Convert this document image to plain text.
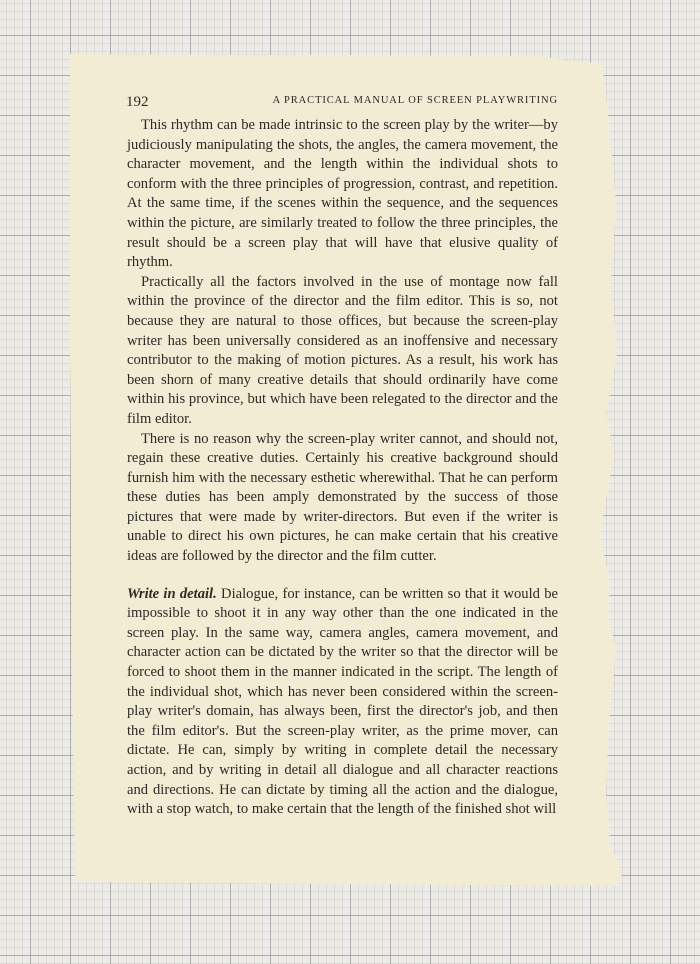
192	A PRACTICAL MANUAL OF SCREEN PLAYWRITING

This rhythm can be made intrinsic to the screen play by the writer—by judiciously manipulating the shots, the angles, the camera movement, the character movement, and the length within the individual shots to conform with the three principles of progression, contrast, and repetition. At the same time, if the scenes within the sequence, and the sequences within the picture, are similarly treated to follow the three principles, the result should be a screen play that will have that elusive quality of rhythm.

Practically all the factors involved in the use of montage now fall within the province of the director and the film editor. This is so, not because they are natural to those offices, but because the screen-play writer has been universally considered as an inoffensive and necessary contributor to the making of motion pictures. As a result, his work has been shorn of many creative details that should ordinarily have come within his province, but which have been relegated to the director and the film editor.

There is no reason why the screen-play writer cannot, and should not, regain these creative duties. Certainly his creative background should furnish him with the necessary esthetic wherewithal. That he can perform these duties has been amply demonstrated by the success of those pictures that were made by writer-directors. But even if the writer is unable to direct his own pictures, he can make certain that his creative ideas are followed by the director and the film cutter.

Write in detail. Dialogue, for instance, can be written so that it would be impossible to shoot it in any way other than the one indicated in the screen play. In the same way, camera angles, camera movement, and character action can be dictated by the writer so that the director will be forced to shoot them in the manner indicated in the script. The length of the individual shot, which has never been considered within the screen-play writer's domain, has always been, first the director's job, and then the film editor's. But the screen-play writer, as the prime mover, can dictate. He can, simply by writing in complete detail the necessary action, and by writing in detail all dialogue and all character reactions and directions. He can dictate by timing all the action and the dialogue, with a stop watch, to make certain that the length of the finished shot will
